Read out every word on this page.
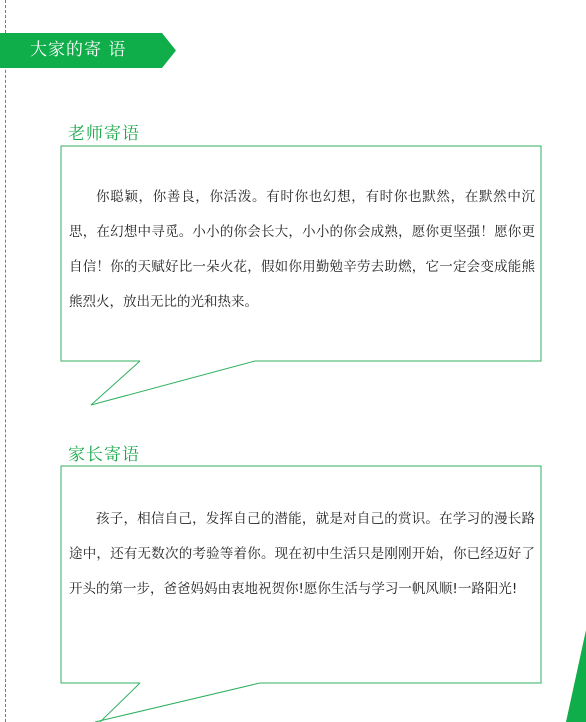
大家的寄 语
老师寄语

你聪颖，你善良，你活泼。有时你也幻想，有时你也默然，在默然中沉思，在幻想中寻觅。小小的你会长大，小小的你会成熟，愿你更坚强！愿你更自信！你的天赋好比一朵火花，假如你用勤勉辛劳去助燃，它一定会变成能熊熊烈火，放出无比的光和热来。

家长寄语

孩子，相信自己，发挥自己的潜能，就是对自己的赏识。在学习的漫长路途中，还有无数次的考验等着你。现在初中生活只是刚刚开始，你已经迈好了开头的第一步，爸爸妈妈由衷地祝贺你!愿你生活与学习一帆风顺!一路阳光!
